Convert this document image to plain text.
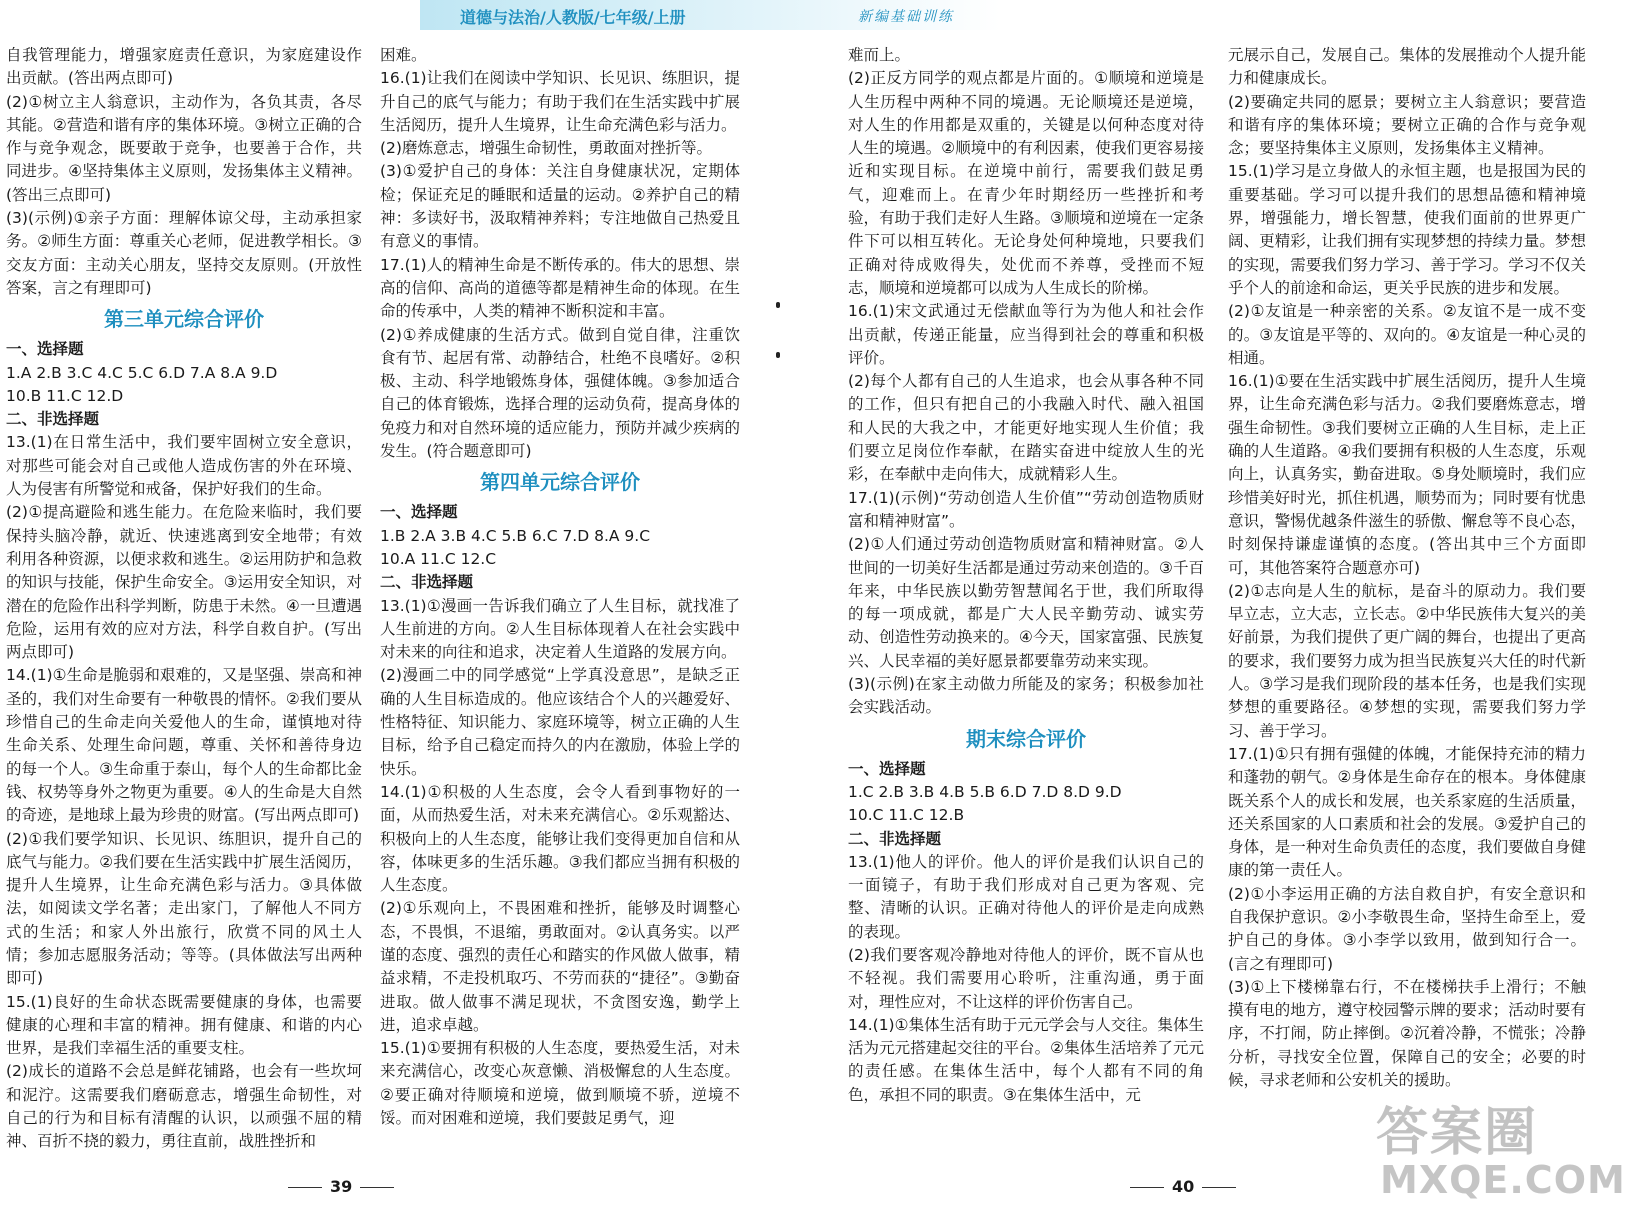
道德与法治/人教版/七年级/上册	新编基础训练

自我管理能力，增强家庭责任意识，为家庭建设作出贡献。(答出两点即可)

(2)①树立主人翁意识，主动作为，各负其责，各尽其能。②营造和谐有序的集体环境。③树立正确的合作与竞争观念，既要敢于竞争，也要善于合作，共同进步。④坚持集体主义原则，发扬集体主义精神。(答出三点即可)

(3)(示例)①亲子方面：理解体谅父母，主动承担家务。②师生方面：尊重关心老师，促进教学相长。③交友方面：主动关心朋友，坚持交友原则。(开放性答案，言之有理即可)

第三单元综合评价

一、选择题

1.A 2.B 3.C 4.C 5.C 6.D 7.A 8.A 9.D

10.B 11.C 12.D

二、非选择题

13.(1)在日常生活中，我们要牢固树立安全意识，对那些可能会对自己或他人造成伤害的外在环境、人为侵害有所警觉和戒备，保护好我们的生命。

(2)①提高避险和逃生能力。在危险来临时，我们要保持头脑冷静，就近、快速逃离到安全地带；有效利用各种资源，以便求救和逃生。②运用防护和急救的知识与技能，保护生命安全。③运用安全知识，对潜在的危险作出科学判断，防患于未然。④一旦遭遇危险，运用有效的应对方法，科学自救自护。(写出两点即可)

14.(1)①生命是脆弱和艰难的，又是坚强、崇高和神圣的，我们对生命要有一种敬畏的情怀。②我们要从珍惜自己的生命走向关爱他人的生命，谨慎地对待生命关系、处理生命问题，尊重、关怀和善待身边的每一个人。③生命重于泰山，每个人的生命都比金钱、权势等身外之物更为重要。④人的生命是大自然的奇迹，是地球上最为珍贵的财富。(写出两点即可)

(2)①我们要学知识、长见识、练胆识，提升自己的底气与能力。②我们要在生活实践中扩展生活阅历，提升人生境界，让生命充满色彩与活力。③具体做法，如阅读文学名著；走出家门，了解他人不同方式的生活；和家人外出旅行，欣赏不同的风土人情；参加志愿服务活动；等等。(具体做法写出两种即可)

15.(1)良好的生命状态既需要健康的身体，也需要健康的心理和丰富的精神。拥有健康、和谐的内心世界，是我们幸福生活的重要支柱。

(2)成长的道路不会总是鲜花铺路，也会有一些坎坷和泥泞。这需要我们磨砺意志，增强生命韧性，对自己的行为和目标有清醒的认识，以顽强不屈的精神、百折不挠的毅力，勇往直前，战胜挫折和

困难。

16.(1)让我们在阅读中学知识、长见识、练胆识，提升自己的底气与能力；有助于我们在生活实践中扩展生活阅历，提升人生境界，让生命充满色彩与活力。

(2)磨炼意志，增强生命韧性，勇敢面对挫折等。

(3)①爱护自己的身体：关注自身健康状况，定期体检；保证充足的睡眠和适量的运动。②养护自己的精神：多读好书，汲取精神养料；专注地做自己热爱且有意义的事情。

17.(1)人的精神生命是不断传承的。伟大的思想、崇高的信仰、高尚的道德等都是精神生命的体现。在生命的传承中，人类的精神不断积淀和丰富。

(2)①养成健康的生活方式。做到自觉自律，注重饮食有节、起居有常、动静结合，杜绝不良嗜好。②积极、主动、科学地锻炼身体，强健体魄。③参加适合自己的体育锻炼，选择合理的运动负荷，提高身体的免疫力和对自然环境的适应能力，预防并减少疾病的发生。(符合题意即可)

第四单元综合评价

一、选择题

1.B 2.A 3.B 4.C 5.B 6.C 7.D 8.A 9.C

10.A 11.C 12.C

二、非选择题

13.(1)①漫画一告诉我们确立了人生目标，就找准了人生前进的方向。②人生目标体现着人在社会实践中对未来的向往和追求，决定着人生道路的发展方向。

(2)漫画二中的同学感觉“上学真没意思”，是缺乏正确的人生目标造成的。他应该结合个人的兴趣爱好、性格特征、知识能力、家庭环境等，树立正确的人生目标，给予自己稳定而持久的内在激励，体验上学的快乐。

14.(1)①积极的人生态度，会令人看到事物好的一面，从而热爱生活，对未来充满信心。②乐观豁达、积极向上的人生态度，能够让我们变得更加自信和从容，体味更多的生活乐趣。③我们都应当拥有积极的人生态度。

(2)①乐观向上，不畏困难和挫折，能够及时调整心态，不畏惧，不退缩，勇敢面对。②认真务实。以严谨的态度、强烈的责任心和踏实的作风做人做事，精益求精，不走投机取巧、不劳而获的“捷径”。③勤奋进取。做人做事不满足现状，不贪图安逸，勤学上进，追求卓越。

15.(1)①要拥有积极的人生态度，要热爱生活，对未来充满信心，改变心灰意懒、消极懈怠的人生态度。②要正确对待顺境和逆境，做到顺境不骄，逆境不馁。而对困难和逆境，我们要鼓足勇气，迎

难而上。

(2)正反方同学的观点都是片面的。①顺境和逆境是人生历程中两种不同的境遇。无论顺境还是逆境，对人生的作用都是双重的，关键是以何种态度对待人生的境遇。②顺境中的有利因素，使我们更容易接近和实现目标。在逆境中前行，需要我们鼓足勇气，迎难而上。在青少年时期经历一些挫折和考验，有助于我们走好人生路。③顺境和逆境在一定条件下可以相互转化。无论身处何种境地，只要我们正确对待成败得失，处优而不养尊，受挫而不短志，顺境和逆境都可以成为人生成长的阶梯。

16.(1)宋文武通过无偿献血等行为为他人和社会作出贡献，传递正能量，应当得到社会的尊重和积极评价。

(2)每个人都有自己的人生追求，也会从事各种不同的工作，但只有把自己的小我融入时代、融入祖国和人民的大我之中，才能更好地实现人生价值；我们要立足岗位作奉献，在踏实奋进中绽放人生的光彩，在奉献中走向伟大，成就精彩人生。

17.(1)(示例)“劳动创造人生价值”“劳动创造物质财富和精神财富”。

(2)①人们通过劳动创造物质财富和精神财富。②人世间的一切美好生活都是通过劳动来创造的。③千百年来，中华民族以勤劳智慧闻名于世，我们所取得的每一项成就，都是广大人民辛勤劳动、诚实劳动、创造性劳动换来的。④今天，国家富强、民族复兴、人民幸福的美好愿景都要靠劳动来实现。

(3)(示例)在家主动做力所能及的家务；积极参加社会实践活动。

期末综合评价

一、选择题

1.C 2.B 3.B 4.B 5.B 6.D 7.D 8.D 9.D

10.C 11.C 12.B

二、非选择题

13.(1)他人的评价。他人的评价是我们认识自己的一面镜子，有助于我们形成对自己更为客观、完整、清晰的认识。正确对待他人的评价是走向成熟的表现。

(2)我们要客观冷静地对待他人的评价，既不盲从也不轻视。我们需要用心聆听，注重沟通，勇于面对，理性应对，不让这样的评价伤害自己。

14.(1)①集体生活有助于元元学会与人交往。集体生活为元元搭建起交往的平台。②集体生活培养了元元的责任感。在集体生活中，每个人都有不同的角色，承担不同的职责。③在集体生活中，元

元展示自己，发展自己。集体的发展推动个人提升能力和健康成长。

(2)要确定共同的愿景；要树立主人翁意识；要营造和谐有序的集体环境；要树立正确的合作与竞争观念；要坚持集体主义原则，发扬集体主义精神。

15.(1)学习是立身做人的永恒主题，也是报国为民的重要基础。学习可以提升我们的思想品德和精神境界，增强能力，增长智慧，使我们面前的世界更广阔、更精彩，让我们拥有实现梦想的持续力量。梦想的实现，需要我们努力学习、善于学习。学习不仅关乎个人的前途和命运，更关乎民族的进步和发展。

(2)①友谊是一种亲密的关系。②友谊不是一成不变的。③友谊是平等的、双向的。④友谊是一种心灵的相通。

16.(1)①要在生活实践中扩展生活阅历，提升人生境界，让生命充满色彩与活力。②我们要磨炼意志，增强生命韧性。③我们要树立正确的人生目标，走上正确的人生道路。④我们要拥有积极的人生态度，乐观向上，认真务实，勤奋进取。⑤身处顺境时，我们应珍惜美好时光，抓住机遇，顺势而为；同时要有忧患意识，警惕优越条件滋生的骄傲、懈怠等不良心态，时刻保持谦虚谨慎的态度。(答出其中三个方面即可，其他答案符合题意亦可)

(2)①志向是人生的航标，是奋斗的原动力。我们要早立志，立大志，立长志。②中华民族伟大复兴的美好前景，为我们提供了更广阔的舞台，也提出了更高的要求，我们要努力成为担当民族复兴大任的时代新人。③学习是我们现阶段的基本任务，也是我们实现梦想的重要路径。④梦想的实现，需要我们努力学习、善于学习。

17.(1)①只有拥有强健的体魄，才能保持充沛的精力和蓬勃的朝气。②身体是生命存在的根本。身体健康既关系个人的成长和发展，也关系家庭的生活质量，还关系国家的人口素质和社会的发展。③爱护自己的身体，是一种对生命负责任的态度，我们要做自身健康的第一责任人。

(2)①小李运用正确的方法自救自护，有安全意识和自我保护意识。②小李敬畏生命，坚持生命至上，爱护自己的身体。③小李学以致用，做到知行合一。(言之有理即可)

(3)①上下楼梯靠右行，不在楼梯扶手上滑行；不触摸有电的地方，遵守校园警示牌的要求；活动时要有序，不打闹，防止摔倒。②沉着冷静，不慌张；冷静分析，寻找安全位置，保障自己的安全；必要的时候，寻求老师和公安机关的援助。

39	40
答案圈
MXQE.COM
